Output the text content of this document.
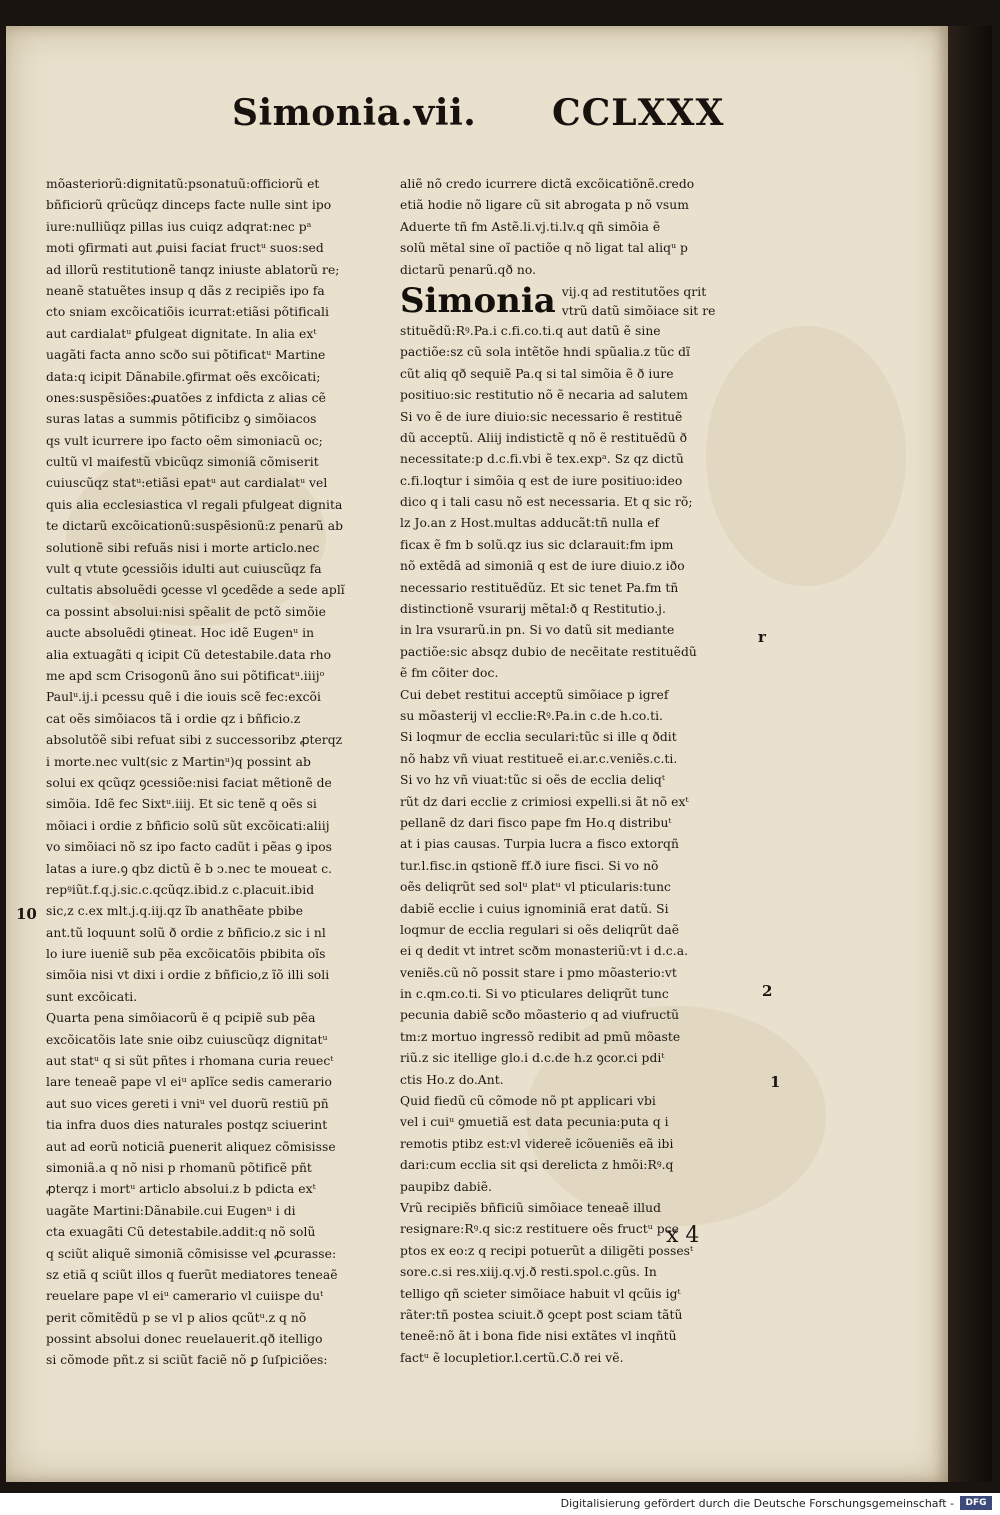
Simonia.vii. CCLXXX
mõasteriorũ:dignitatũ:psonatuũ:officiorũ et
bñficiorũ qrũcũqz dinceps facte nulle sint ipo
iure:nulliũqz pillas ius cuiqz adqrat:nec pᵃ
moti ꝯfirmati aut ꝓuisi faciat fructᵘ suos:sed
ad illorũ restitutionẽ tanqz iniuste ablatorũ re;
neanẽ statuẽtes insup q dãs z recipiẽs ipo fa
cto sniam excõicatiõis icurrat:etiãsi põtificali
aut cardialatᵘ ꝑfulgeat dignitate. In alia exᵗ
uagãti facta anno scðo sui põtificatᵘ Martine
data:q icipit Dãnabile.ꝯfirmat oẽs excõicati;
ones:suspẽsiões:ꝓuatões z infdicta z alias cẽ
suras latas a summis põtificibz ꝯ simõiacos
qs vult icurrere ipo facto oẽm simoniacũ oc;
cultũ vl maifestũ vbicũqz simoniã cõmiserit
cuiuscũqz statᵘ:etiãsi epatᵘ aut cardialatᵘ vel
quis alia ecclesiastica vl regali pfulgeat dignita
te dictarũ excõicationũ:suspẽsionũ:z penarũ ab
solutionẽ sibi refuãs nisi i morte articlo.nec
vult q vtute ꝯcessiõis idulti aut cuiuscũqz fa
cultatis absoluẽdi ꝯcesse vl ꝯcedẽde a sede aplĩ
ca possint absolui:nisi spẽalit de pctõ simõie
aucte absoluẽdi ꝯtineat. Hoc idẽ Eugenᵘ in
alia extuagãti q icipit Cũ detestabile.data rho
me apd scm Crisogonũ ãno sui põtificatᵘ.iiijᵒ
Paulᵘ.ij.i pcessu quẽ i die iouis scẽ fec:excõi
cat oẽs simõiacos tã i ordie qz i bñficio.z
absolutõẽ sibi refuat sibi z successoribz ꝓterqz
i morte.nec vult(sic z Martinᵘ)q possint ab
solui ex qcũqz ꝯcessiõe:nisi faciat mẽtionẽ de
simõia. Idẽ fec Sixtᵘ.iiij. Et sic tenẽ q oẽs si
mõiaci i ordie z bñficio solũ sũt excõicati:aliij
vo simõiaci nõ sz ipo facto cadũt i pẽas ꝯ ipos
latas a iure.ꝯ qbz dictũ ẽ b ↄ.nec te moueat c.
repꝰiũt.f.q.j.sic.c.qcũqz.ibid.z c.placuit.ibid
sic,z c.ex mlt.j.q.iij.qz ĩb anathẽate pbibe
ant.tũ loquunt solũ ð ordie z bñficio.z sic i nl
lo iure iueniẽ sub pẽa excõicatõis pbibita oĩs
simõia nisi vt dixi i ordie z bñficio,z ĩõ illi soli
sunt excõicati.
Quarta pena simõiacorũ ẽ q pcipiẽ sub pẽa
excõicatõis late snie oibz cuiuscũqz dignitatᵘ
aut statᵘ q si sũt pñtes i rhomana curia reuecᵗ
lare teneaẽ pape vl eiᵘ aplĩce sedis camerario
aut suo vices gereti i vniᵘ vel duorũ restiũ pñ
tia infra duos dies naturales postqz sciuerint
aut ad eorũ noticiã ꝑuenerit aliquez cõmisisse
simoniã.a q nõ nisi p rhomanũ põtificẽ pñt
ꝓterqz i mortᵘ articlo absolui.z b pdicta exᵗ
uagãte Martini:Dãnabile.cui Eugenᵘ i di
cta exuagãti Cũ detestabile.addit:q nõ solũ
q sciũt aliquẽ simoniã cõmisisse vel ꝓcurasse:
sz etiã q sciũt illos q fuerũt mediatores teneaẽ
reuelare pape vl eiᵘ camerario vl cuiispe duᵗ
perit cõmitẽdũ p se vl p alios qcũtᵘ.z q nõ
possint absolui donec reuelauerit.qð itelligo
si cõmode pñt.z si sciũt faciẽ nõ ꝑ ſuſpiciões:
aliẽ nõ credo icurrere dictã excõicatiõnẽ.credo
etiã hodie nõ ligare cũ sit abrogata p nõ vsum
Aduerte tñ fm Astẽ.li.vj.ti.lv.q qñ simõia ẽ
solũ mẽtal sine oĩ pactiõe q nõ ligat tal aliqᵘ p
dictarũ penarũ.qð no.
Simonia vij.q ad restitutões qrit
vtrũ datũ simõiace sit re
stituẽdũ:Rꝰ.Pa.i c.fi.co.ti.q aut datũ ẽ sine
pactiõe:sz cũ sola intẽtõe hndi spũalia.z tũc dĩ
cũt aliq qð sequiẽ Pa.q si tal simõia ẽ ð iure
positiuo:sic restitutio nõ ẽ necaria ad salutem
Si vo ẽ de iure diuio:sic necessario ẽ restituẽ
dũ acceptũ. Aliij indistictẽ q nõ ẽ restituẽdũ ð
necessitate:p d.c.fi.vbi ẽ tex.expᵃ. Sz qz dictũ
c.fi.loqtur i simõia q est de iure positiuo:ideo
dico q i tali casu nõ est necessaria. Et q sic rõ;
lz Jo.an z Host.multas adducãt:tñ nulla ef
ficax ẽ fm b solũ.qz ius sic dclarauit:fm ipm
nõ extẽdã ad simoniã q est de iure diuio.z iðo
necessario restituẽdũz. Et sic tenet Pa.fm tñ
distinctionẽ vsurarij mẽtal:ð q Restitutio.j.
in lra vsurarũ.in pn. Si vo datũ sit mediante
pactiõe:sic absqz dubio de necẽitate restituẽdũ
ẽ fm cõiter doc.
Cui debet restitui acceptũ simõiace p igref
su mõasterij vl ecclie:Rꝰ.Pa.in c.de h.co.ti.
Si loqmur de ecclia seculari:tũc si ille q ðdit
nõ habz vñ viuat restitueẽ ei.ar.c.veniẽs.c.ti.
Si vo hz vñ viuat:tũc si oẽs de ecclia deliqᵗ
rũt dz dari ecclie z crimiosi expelli.si ãt nõ exᵗ
pellanẽ dz dari fisco pape fm Ho.q distribuᵗ
at i pias causas. Turpia lucra a fisco extorqñ
tur.l.fisc.in qstionẽ ff.ð iure fisci. Si vo nõ
oẽs deliqrũt sed solᵘ platᵘ vl pticularis:tunc
dabiẽ ecclie i cuius ignominiã erat datũ. Si
loqmur de ecclia regulari si oẽs deliqrũt daẽ
ei q dedit vt intret scðm monasteriũ:vt i d.c.a.
veniẽs.cũ nõ possit stare i pmo mõasterio:vt
in c.qm.co.ti. Si vo pticulares deliqrũt tunc
pecunia dabiẽ scðo mõasterio q ad viufructũ
tm:z mortuo ingressõ redibit ad pmũ mõaste
riũ.z sic itellige glo.i d.c.de h.z ꝯcor.ci pdiᵗ
ctis Ho.z do.Ant.
Quid fiedũ cũ cõmode nõ pt applicari vbi
vel i cuiᵘ ꝯmuetiã est data pecunia:puta q i
remotis ptibz est:vl videreẽ icõueniẽs eã ibi
dari:cum ecclia sit qsi derelicta z hmõi:Rꝰ.q
paupibz dabiẽ.
Vrũ recipiẽs bñficiũ simõiace teneaẽ illud
resignare:Rꝰ.q sic:z restituere oẽs fructᵘ pce
ptos ex eo:z q recipi potuerũt a diligẽti possesᵗ
sore.c.si res.xiij.q.vj.ð resti.spol.c.gũs. In
telligo qñ scieter simõiace habuit vl qcũis igᵗ
rãter:tñ postea sciuit.ð ꝯcept post sciam tãtũ
teneẽ:nõ ãt i bona fide nisi extãtes vl inqñtũ
factᵘ ẽ locupletior.l.certũ.C.ð rei vẽ.
10
r
2
1
x 4
Digitalisierung gefördert durch die Deutsche Forschungsgemeinschaft -	DFG
